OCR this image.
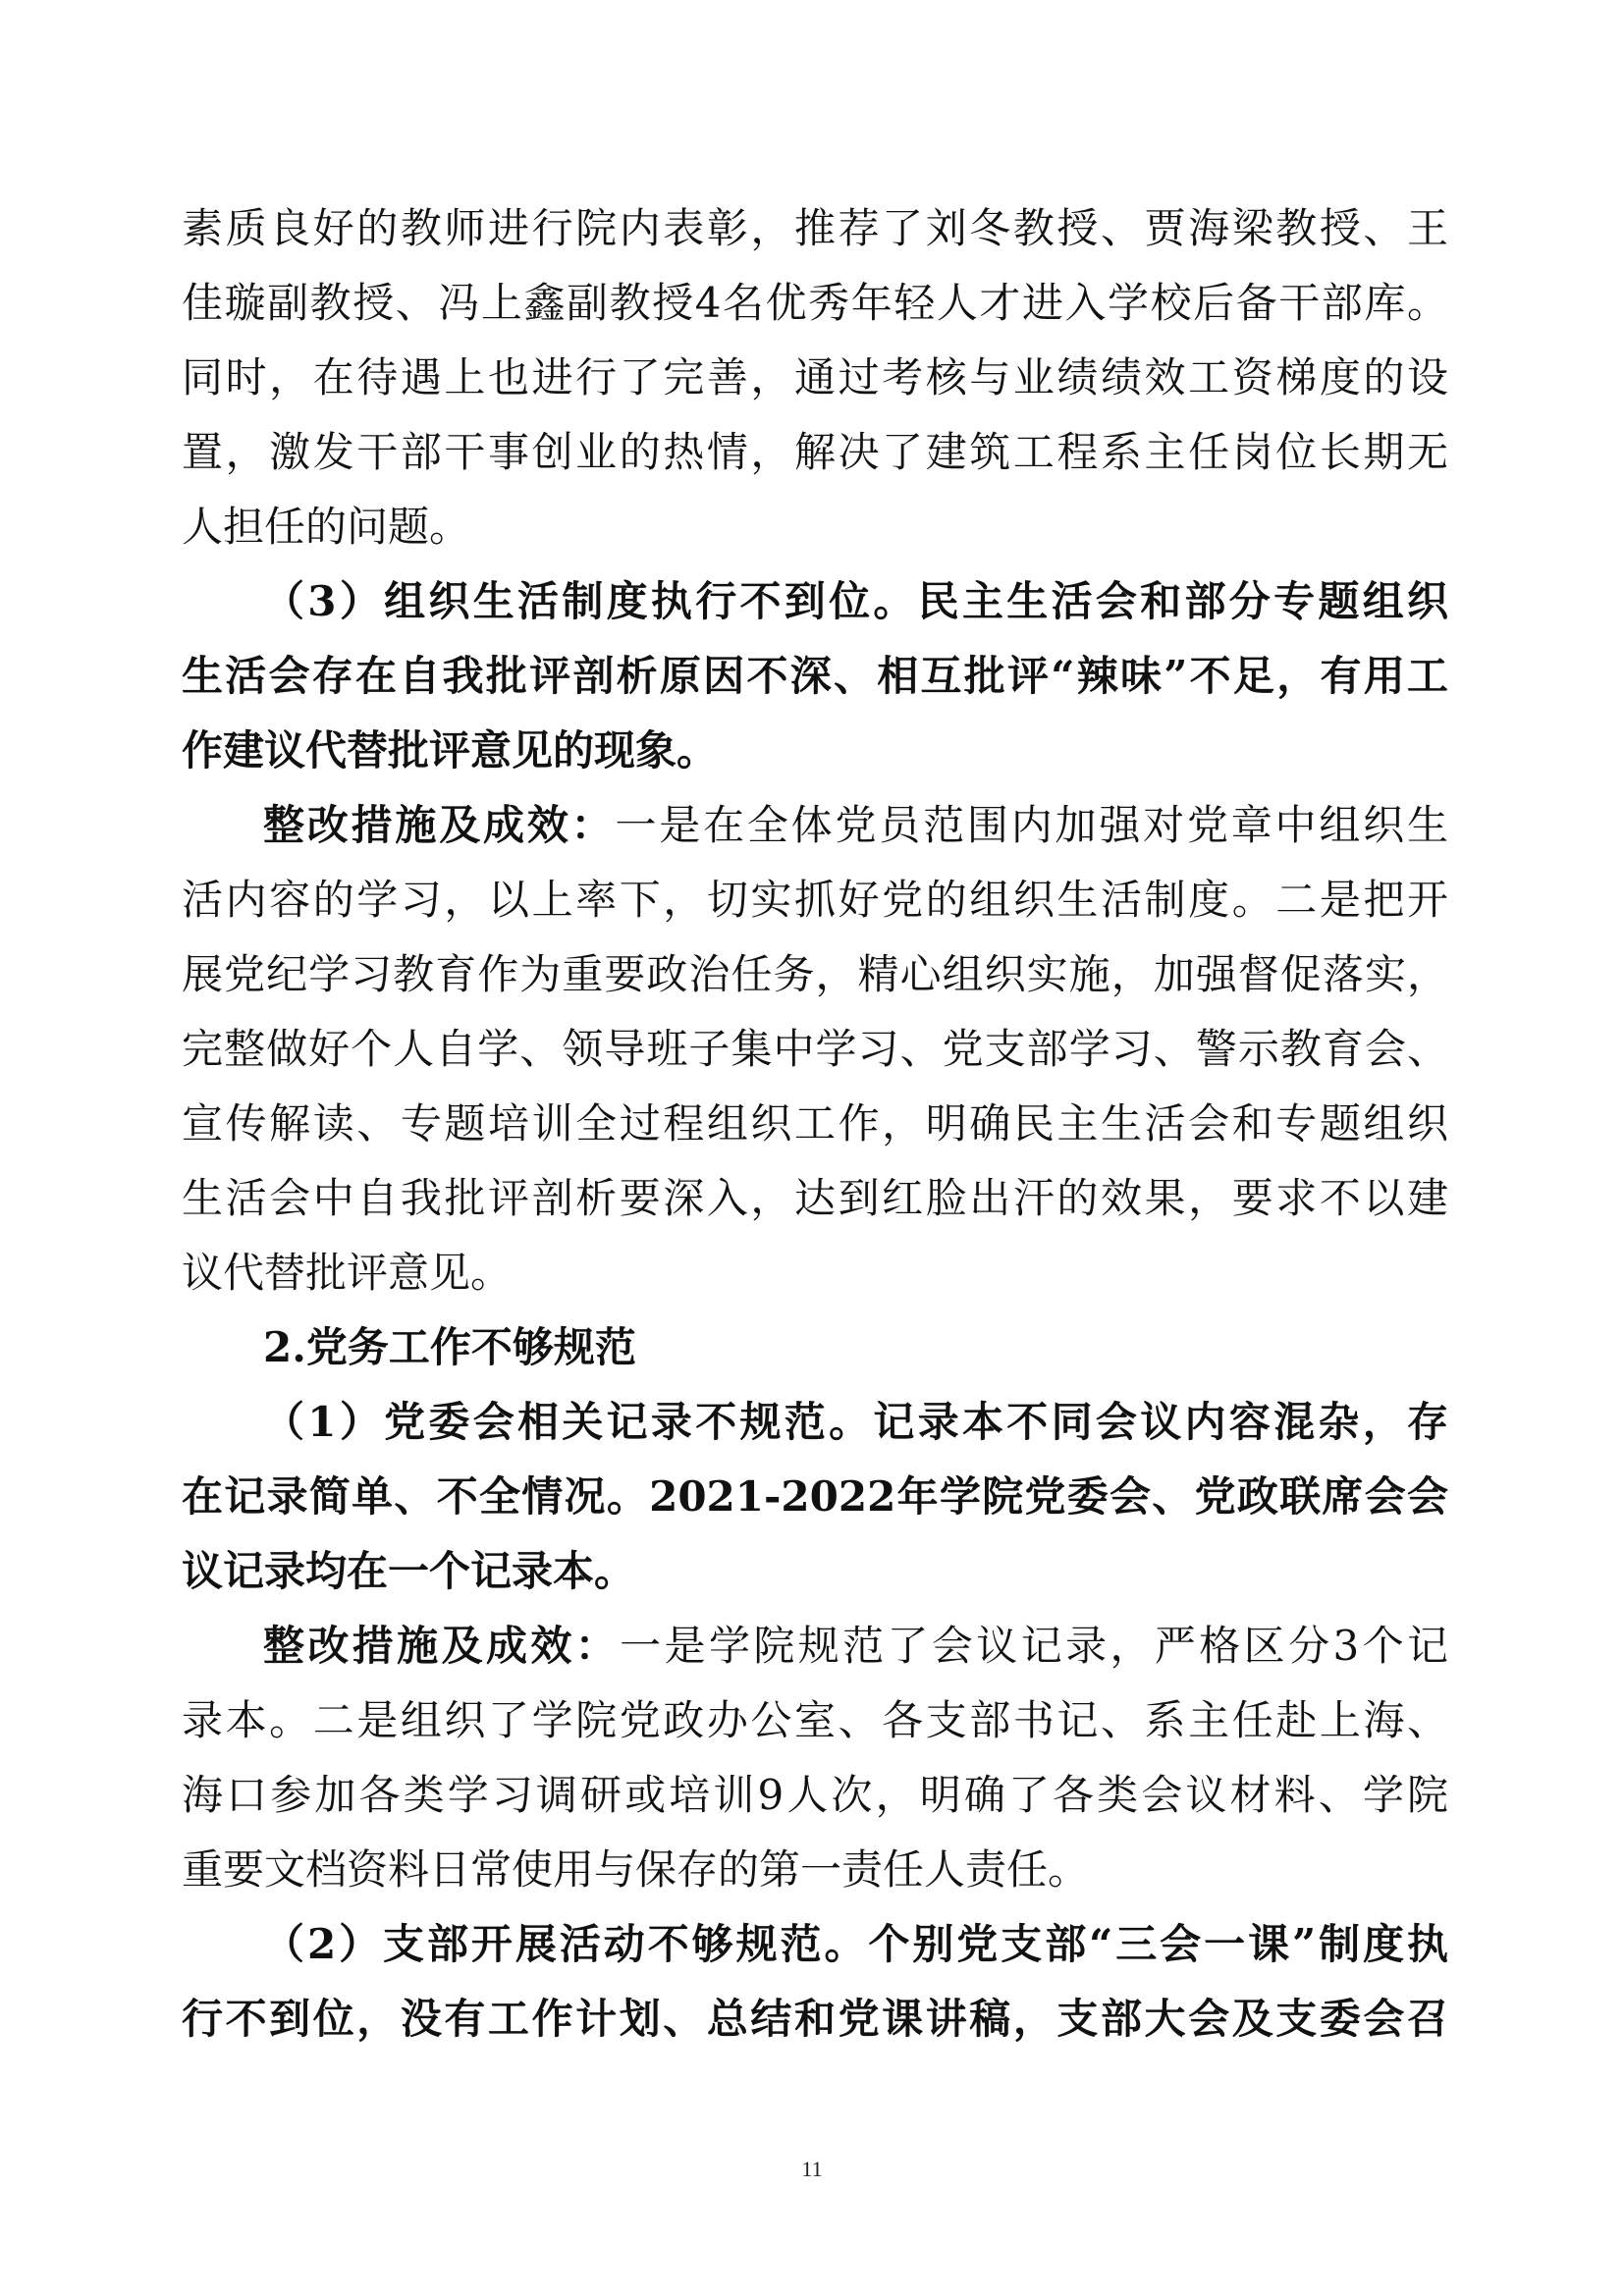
素质良好的教师进行院内表彰，推荐了刘冬教授、贾海梁教授、王
佳璇副教授、冯上鑫副教授4名优秀年轻人才进入学校后备干部库。
同时，在待遇上也进行了完善，通过考核与业绩绩效工资梯度的设
置，激发干部干事创业的热情，解决了建筑工程系主任岗位长期无
人担任的问题。
（3）组织生活制度执行不到位。民主生活会和部分专题组织
生活会存在自我批评剖析原因不深、相互批评“辣味”不足，有用工
作建议代替批评意见的现象。
整改措施及成效：一是在全体党员范围内加强对党章中组织生
活内容的学习，以上率下，切实抓好党的组织生活制度。二是把开
展党纪学习教育作为重要政治任务，精心组织实施，加强督促落实，
完整做好个人自学、领导班子集中学习、党支部学习、警示教育会、
宣传解读、专题培训全过程组织工作，明确民主生活会和专题组织
生活会中自我批评剖析要深入，达到红脸出汗的效果，要求不以建
议代替批评意见。
2.党务工作不够规范
（1）党委会相关记录不规范。记录本不同会议内容混杂，存
在记录简单、不全情况。2021-2022年学院党委会、党政联席会会
议记录均在一个记录本。
整改措施及成效：一是学院规范了会议记录，严格区分3个记
录本。二是组织了学院党政办公室、各支部书记、系主任赴上海、
海口参加各类学习调研或培训9人次，明确了各类会议材料、学院
重要文档资料日常使用与保存的第一责任人责任。
（2）支部开展活动不够规范。个别党支部“三会一课”制度执
行不到位，没有工作计划、总结和党课讲稿，支部大会及支委会召
11
